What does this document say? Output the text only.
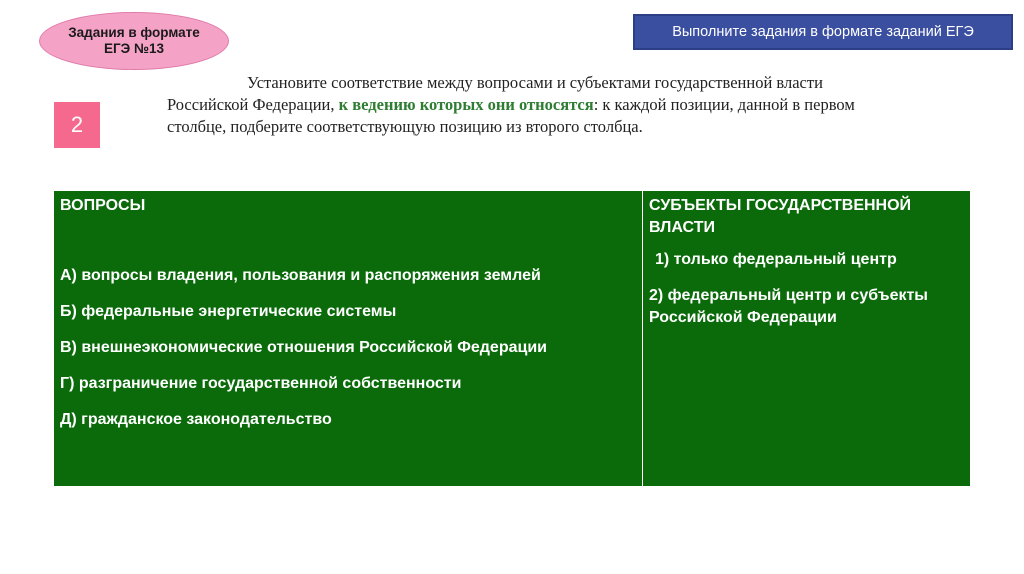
Задания в формате ЕГЭ №13
Выполните задания в формате заданий ЕГЭ
2

Установите соответствие между вопросами и субъектами государственной власти Российской Федерации, к ведению которых они относятся: к каждой позиции, данной в первом столбце, подберите соответствующую позицию из второго столбца.

ВОПРОСЫ
А) вопросы владения, пользования и распоряжения землей
Б) федеральные энергетические системы
В) внешнеэкономические отношения Российской Федерации
Г) разграничение государственной собственности
Д) гражданское законодательство
СУБЪЕКТЫ ГОСУДАРСТВЕННОЙ ВЛАСТИ
1) только федеральный центр
2) федеральный центр и субъекты Российской Федерации
